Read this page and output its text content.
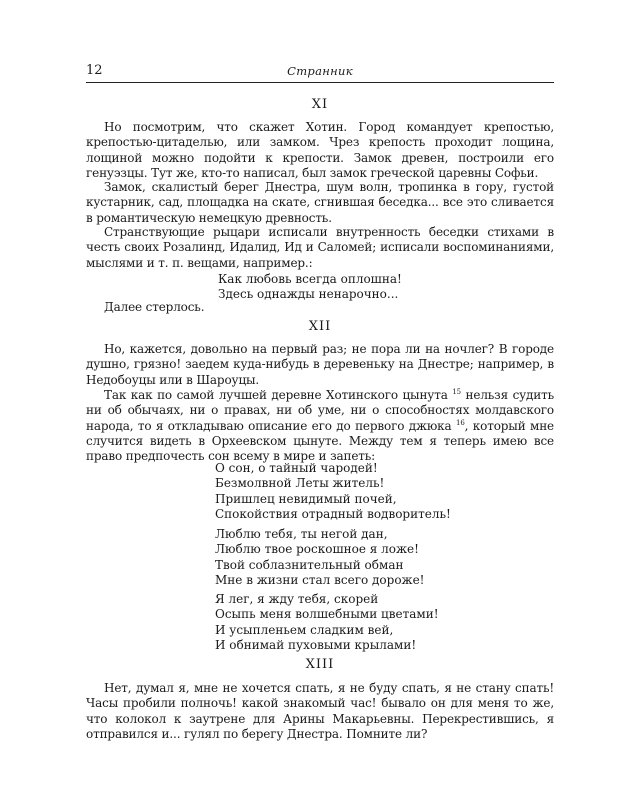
12	Странник
XI
Но посмотрим, что скажет Хотин. Город командует крепостью, крепостью-цитаделью, или замком. Чрез крепость проходит лощина, лощиной можно подойти к крепости. Замок древен, построили его генуэзцы. Тут же, кто-то написал, был замок греческой царевны Софьи.
Замок, скалистый берег Днестра, шум волн, тропинка в гору, густой кустарник, сад, площадка на скате, сгнившая беседка... все это сливается в романтическую немецкую древность.
Странствующие рыцари исписали внутренность беседки стихами в честь своих Розалинд, Идалид, Ид и Саломей; исписали воспоминаниями, мыслями и т. п. вещами, например.:
Как любовь всегда оплошна!
Здесь однажды ненарочно...
Далее стерлось.
XII
Но, кажется, довольно на первый раз; не пора ли на ночлег? В городе душно, грязно! заедем куда-нибудь в деревеньку на Днестре; например, в Недобоуцы или в Шароуцы.
Так как по самой лучшей деревне Хотинского цынута $^{15}$ нельзя судить ни об обычаях, ни о правах, ни об уме, ни о способностях молдавского народа, то я откладываю описание его до первого джюка $^{16}$, который мне случится видеть в Орхеевском цынуте. Между тем я теперь имею все право предпочесть сон всему в мире и запеть:
О сон, о тайный чародей!
Безмолвной Леты житель!
Пришлец невидимый почей,
Спокойствия отрадный водворитель!
Люблю тебя, ты негой дан,
Люблю твое роскошное я ложе!
Твой соблазнительный обман
Мне в жизни стал всего дороже!
Я лег, я жду тебя, скорей
Осыпь меня волшебными цветами!
И усыпленьем сладким вей,
И обнимай пуховыми крылами!
XIII
Нет, думал я, мне не хочется спать, я не буду спать, я не стану спать! Часы пробили полночь! какой знакомый час! бывало он для меня то же, что колокол к заутрене для Арины Макарьевны. Перекрестившись, я отправился и... гулял по берегу Днестра. Помните ли?
